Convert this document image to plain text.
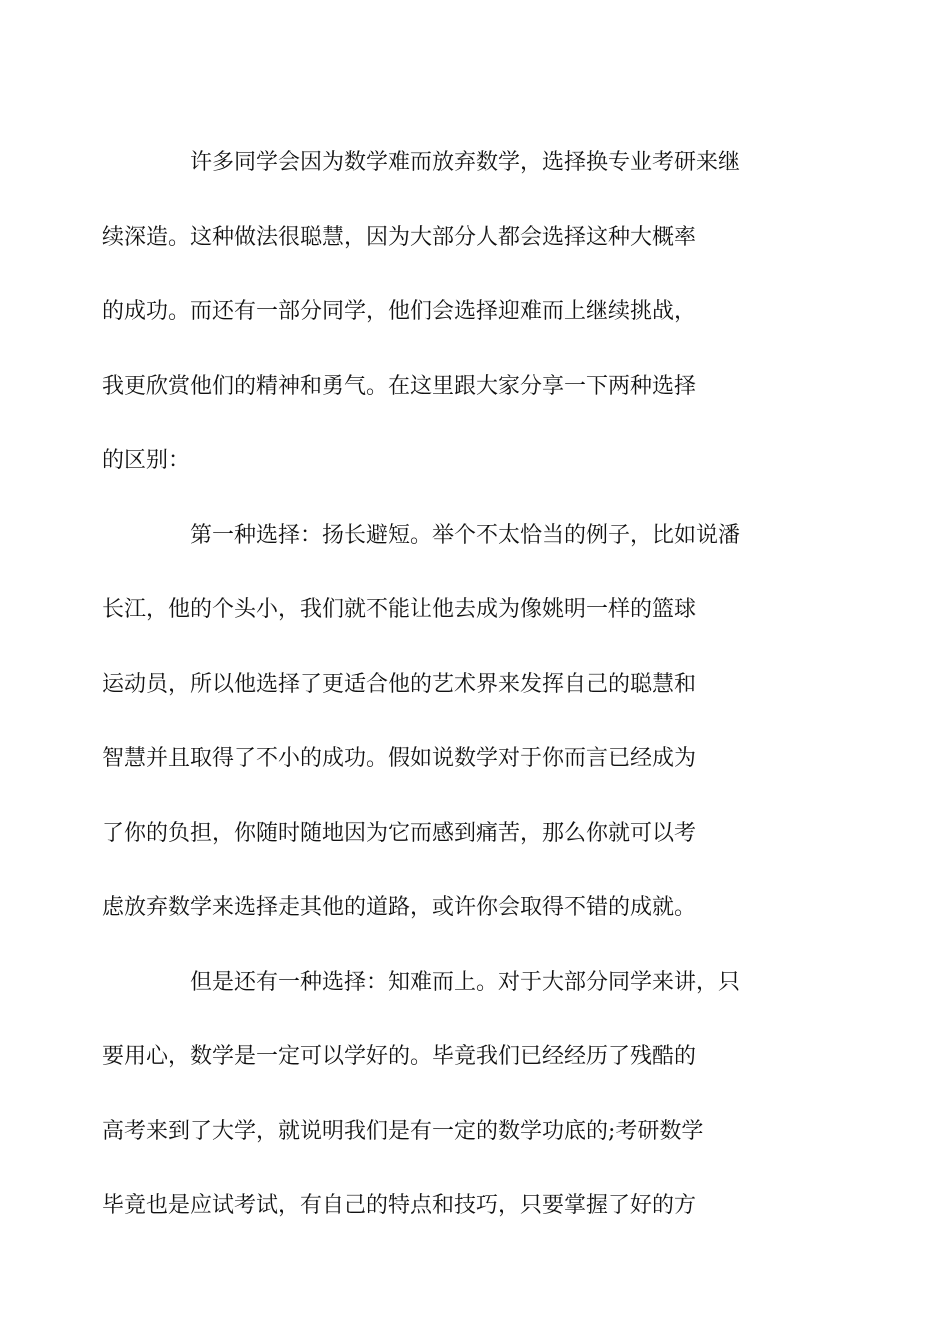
许多同学会因为数学难而放弃数学，选择换专业考研来继
续深造。这种做法很聪慧，因为大部分人都会选择这种大概率
的成功。而还有一部分同学，他们会选择迎难而上继续挑战，
我更欣赏他们的精神和勇气。在这里跟大家分享一下两种选择
的区别：

第一种选择：扬长避短。举个不太恰当的例子，比如说潘
长江，他的个头小，我们就不能让他去成为像姚明一样的篮球
运动员，所以他选择了更适合他的艺术界来发挥自己的聪慧和
智慧并且取得了不小的成功。假如说数学对于你而言已经成为
了你的负担，你随时随地因为它而感到痛苦，那么你就可以考
虑放弃数学来选择走其他的道路，或许你会取得不错的成就。

但是还有一种选择：知难而上。对于大部分同学来讲，只
要用心，数学是一定可以学好的。毕竟我们已经经历了残酷的
高考来到了大学，就说明我们是有一定的数学功底的;考研数学
毕竟也是应试考试，有自己的特点和技巧，只要掌握了好的方
